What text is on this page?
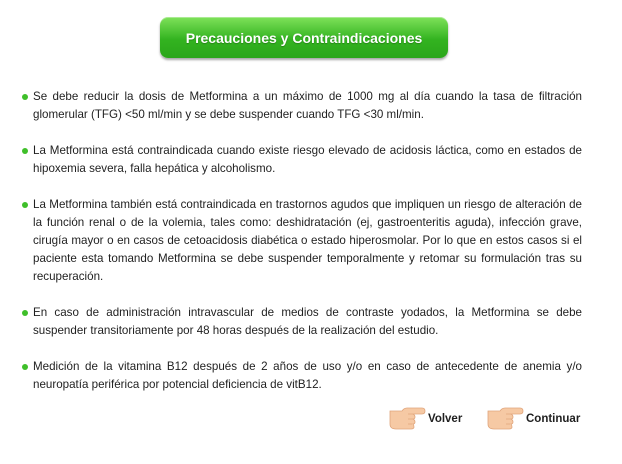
Precauciones y Contraindicaciones
Se debe reducir la dosis de Metformina a un máximo de 1000 mg al día cuando la tasa de filtración glomerular (TFG) <50 ml/min y se debe suspender cuando TFG <30 ml/min.
La Metformina está contraindicada cuando existe riesgo elevado de acidosis láctica, como en estados de hipoxemia severa, falla hepática y alcoholismo.
La Metformina también está contraindicada en trastornos agudos que impliquen un riesgo de alteración de la función renal o de la volemia, tales como: deshidratación (ej, gastroenteritis aguda), infección grave, cirugía mayor o en casos de cetoacidosis diabética o estado hiperosmolar. Por lo que en estos casos si el paciente esta tomando Metformina se debe suspender temporalmente y retomar su formulación tras su recuperación.
En caso de administración intravascular de medios de contraste yodados, la Metformina se debe suspender transitoriamente por 48 horas después de la realización del estudio.
Medición de la vitamina B12 después de 2 años de uso y/o en caso de antecedente de anemia y/o neuropatía periférica por potencial deficiencia de vitB12.
Volver	Continuar
